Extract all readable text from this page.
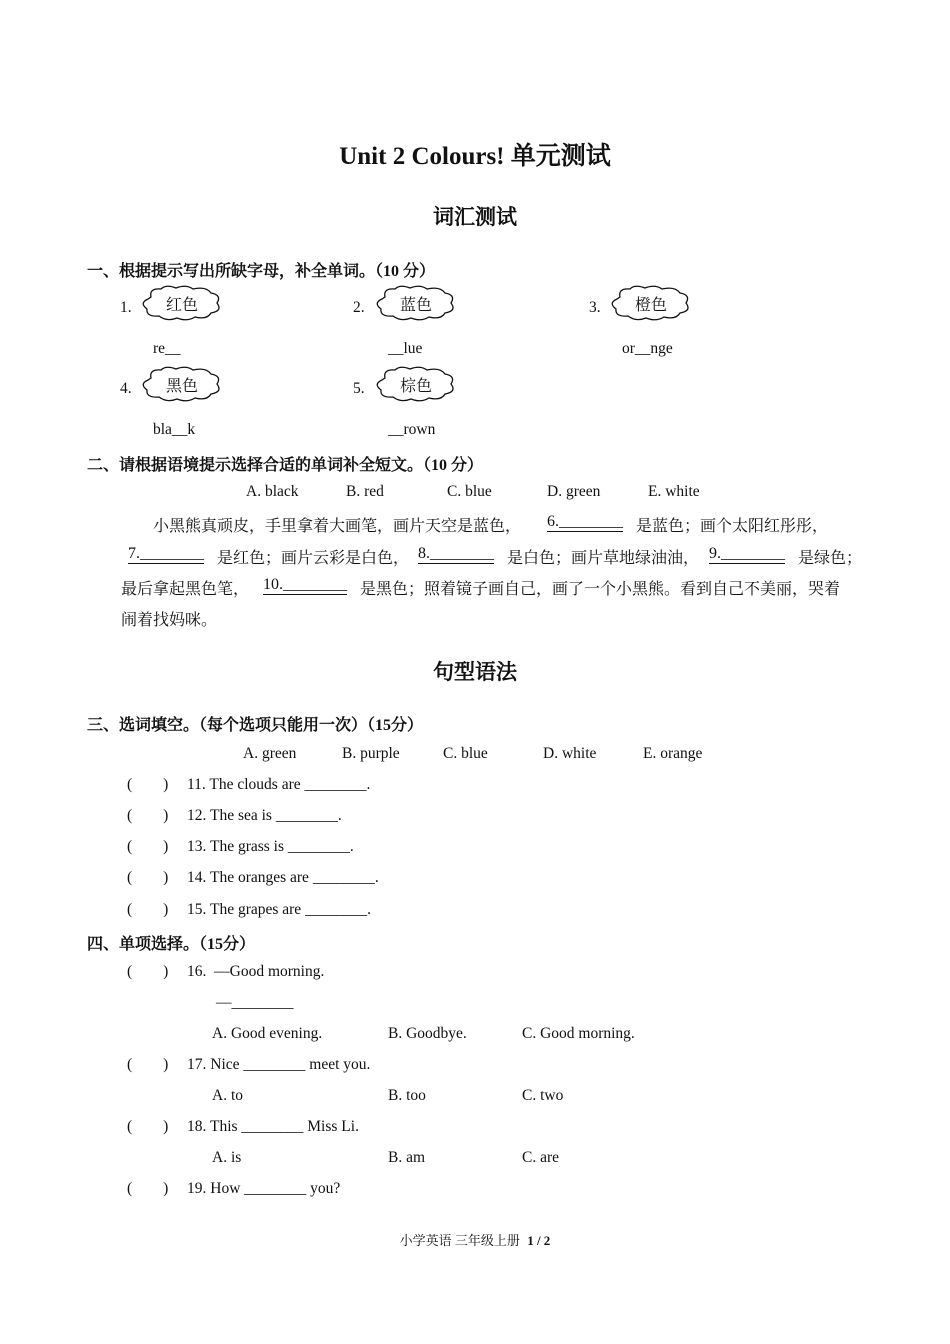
Unit 2 Colours! 单元测试
词汇测试
一、根据提示写出所缺字母，补全单词。（10 分）
1.	红色
re__
2.	蓝色
__lue
3.	橙色
or__nge
4.	黑色
bla__k
5.	棕色
__rown
二、请根据语境提示选择合适的单词补全短文。（10 分）
A. black	B. red	C. blue	D. green	E. white
小黑熊真顽皮，手里拿着大画笔，画片天空是蓝色， 6.________ 是蓝色；画个太阳红彤彤，
7.________ 是红色；画片云彩是白色， 8.________ 是白色；画片草地绿油油， 9.________ 是绿色；
最后拿起黑色笔， 10.________ 是黑色；照着镜子画自己，画了一个小黑熊。看到自己不美丽，哭着
闹着找妈咪。
句型语法
三、选词填空。（每个选项只能用一次）（15分）
A. green	B. purple	C. blue	D. white	E. orange
(        ) 11. The clouds are ________.
(        ) 12. The sea is ________.
(        ) 13. The grass is ________.
(        ) 14. The oranges are ________.
(        ) 15. The grapes are ________.
四、单项选择。（15分）
(        ) 16.  —Good morning.
—________
A. Good evening.	B. Goodbye.	C. Good morning.
(        ) 17. Nice ________ meet you.
A. to	B. too	C. two
(        ) 18. This ________ Miss Li.
A. is	B. am	C. are
(        ) 19. How ________ you?
小学英语 三年级上册 1 / 2
